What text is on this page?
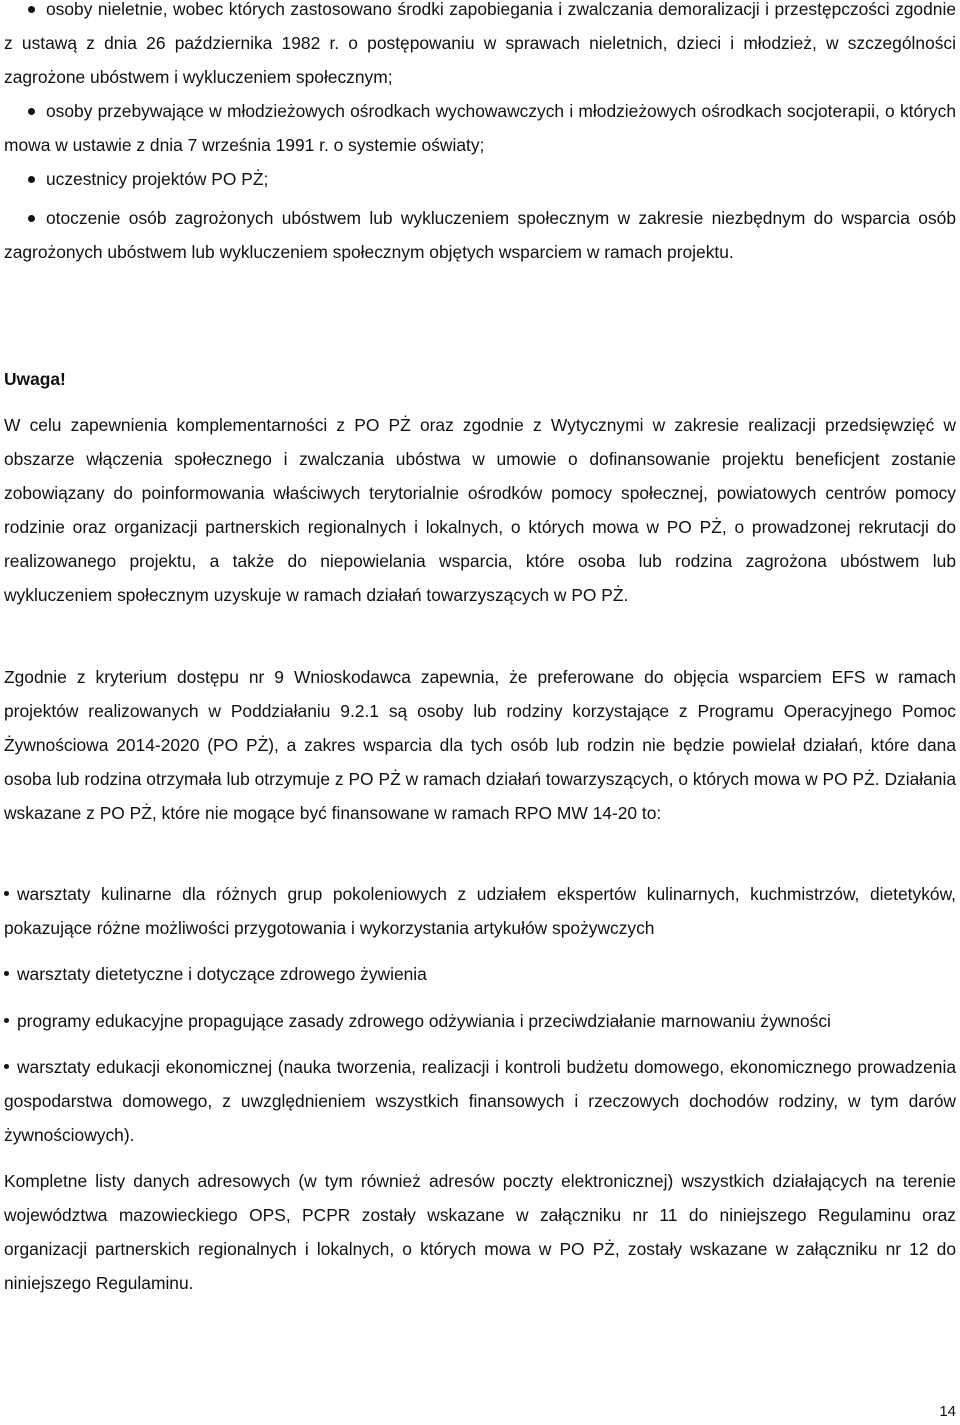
osoby nieletnie, wobec których zastosowano środki zapobiegania i zwalczania demoralizacji i przestępczości zgodnie z ustawą z dnia 26 października 1982 r. o postępowaniu w sprawach nieletnich, dzieci i młodzież, w szczególności zagrożone ubóstwem i wykluczeniem społecznym;
osoby przebywające w młodzieżowych ośrodkach wychowawczych i młodzieżowych ośrodkach socjoterapii, o których mowa w ustawie z dnia 7 września 1991 r. o systemie oświaty;
uczestnicy projektów PO PŻ;
otoczenie osób zagrożonych ubóstwem lub wykluczeniem społecznym w zakresie niezbędnym do wsparcia osób zagrożonych ubóstwem lub wykluczeniem społecznym objętych wsparciem w ramach projektu.

Uwaga!

W celu zapewnienia komplementarności z PO PŻ oraz zgodnie z Wytycznymi w zakresie realizacji przedsięwzięć w obszarze włączenia społecznego i zwalczania ubóstwa w umowie o dofinansowanie projektu beneficjent zostanie zobowiązany do poinformowania właściwych terytorialnie ośrodków pomocy społecznej, powiatowych centrów pomocy rodzinie oraz organizacji partnerskich regionalnych i lokalnych, o których mowa w PO PŻ, o prowadzonej rekrutacji do realizowanego projektu, a także do niepowielania wsparcia, które osoba lub rodzina zagrożona ubóstwem lub wykluczeniem społecznym uzyskuje w ramach działań towarzyszących w PO PŻ.

Zgodnie z kryterium dostępu nr 9 Wnioskodawca zapewnia, że preferowane do objęcia wsparciem EFS w ramach projektów realizowanych w Poddziałaniu 9.2.1 są osoby lub rodziny korzystające z Programu Operacyjnego Pomoc Żywnościowa 2014-2020 (PO PŻ), a zakres wsparcia dla tych osób lub rodzin nie będzie powielał działań, które dana osoba lub rodzina otrzymała lub otrzymuje z PO PŻ w ramach działań towarzyszących, o których mowa w PO PŻ. Działania wskazane z PO PŻ, które nie mogące być finansowane w ramach RPO MW 14-20 to:

warsztaty kulinarne dla różnych grup pokoleniowych z udziałem ekspertów kulinarnych, kuchmistrzów, dietetyków, pokazujące różne możliwości przygotowania i wykorzystania artykułów spożywczych
warsztaty dietetyczne i dotyczące zdrowego żywienia
programy edukacyjne propagujące zasady zdrowego odżywiania i przeciwdziałanie marnowaniu żywności
warsztaty edukacji ekonomicznej (nauka tworzenia, realizacji i kontroli budżetu domowego, ekonomicznego prowadzenia gospodarstwa domowego, z uwzględnieniem wszystkich finansowych i rzeczowych dochodów rodziny, w tym darów żywnościowych).

Kompletne listy danych adresowych (w tym również adresów poczty elektronicznej) wszystkich działających na terenie województwa mazowieckiego OPS, PCPR zostały wskazane w załączniku nr 11 do niniejszego Regulaminu oraz organizacji partnerskich regionalnych i lokalnych, o których mowa w PO PŻ, zostały wskazane w załączniku nr 12 do niniejszego Regulaminu.

14
